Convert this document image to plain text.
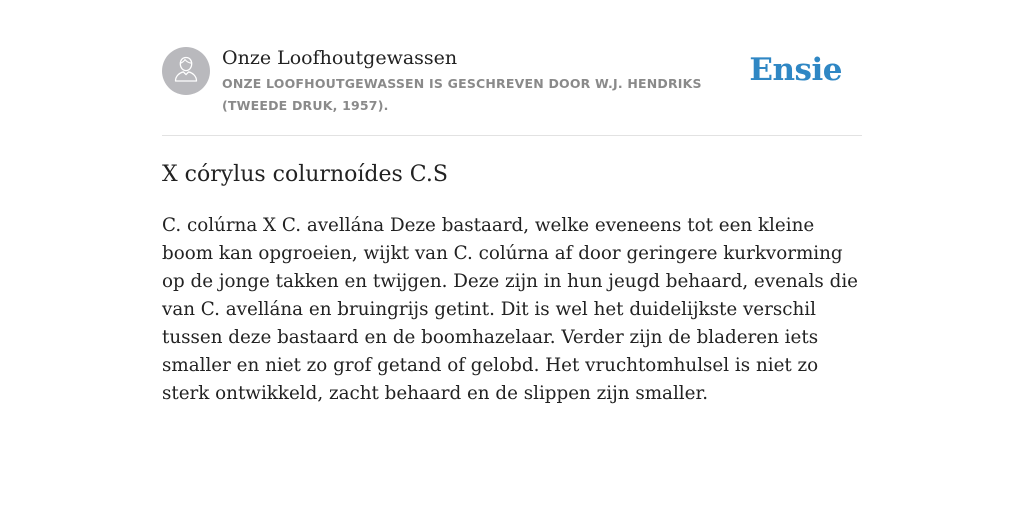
Onze Loofhoutgewassen
ONZE LOOFHOUTGEWASSEN IS GESCHREVEN DOOR W.J. HENDRIKS (TWEEDE DRUK, 1957).
Ensie
X córylus colurnoídes C.S

C. colúrna X C. avellána Deze bastaard, welke eveneens tot een kleine boom kan opgroeien, wijkt van C. colúrna af door geringere kurkvorming op de jonge takken en twijgen. Deze zijn in hun jeugd behaard, evenals die van C. avellána en bruingrijs getint. Dit is wel het duidelijkste verschil tussen deze bastaard en de boomhazelaar. Verder zijn de bladeren iets smaller en niet zo grof getand of gelobd. Het vruchtomhulsel is niet zo sterk ontwikkeld, zacht behaard en de slippen zijn smaller.
